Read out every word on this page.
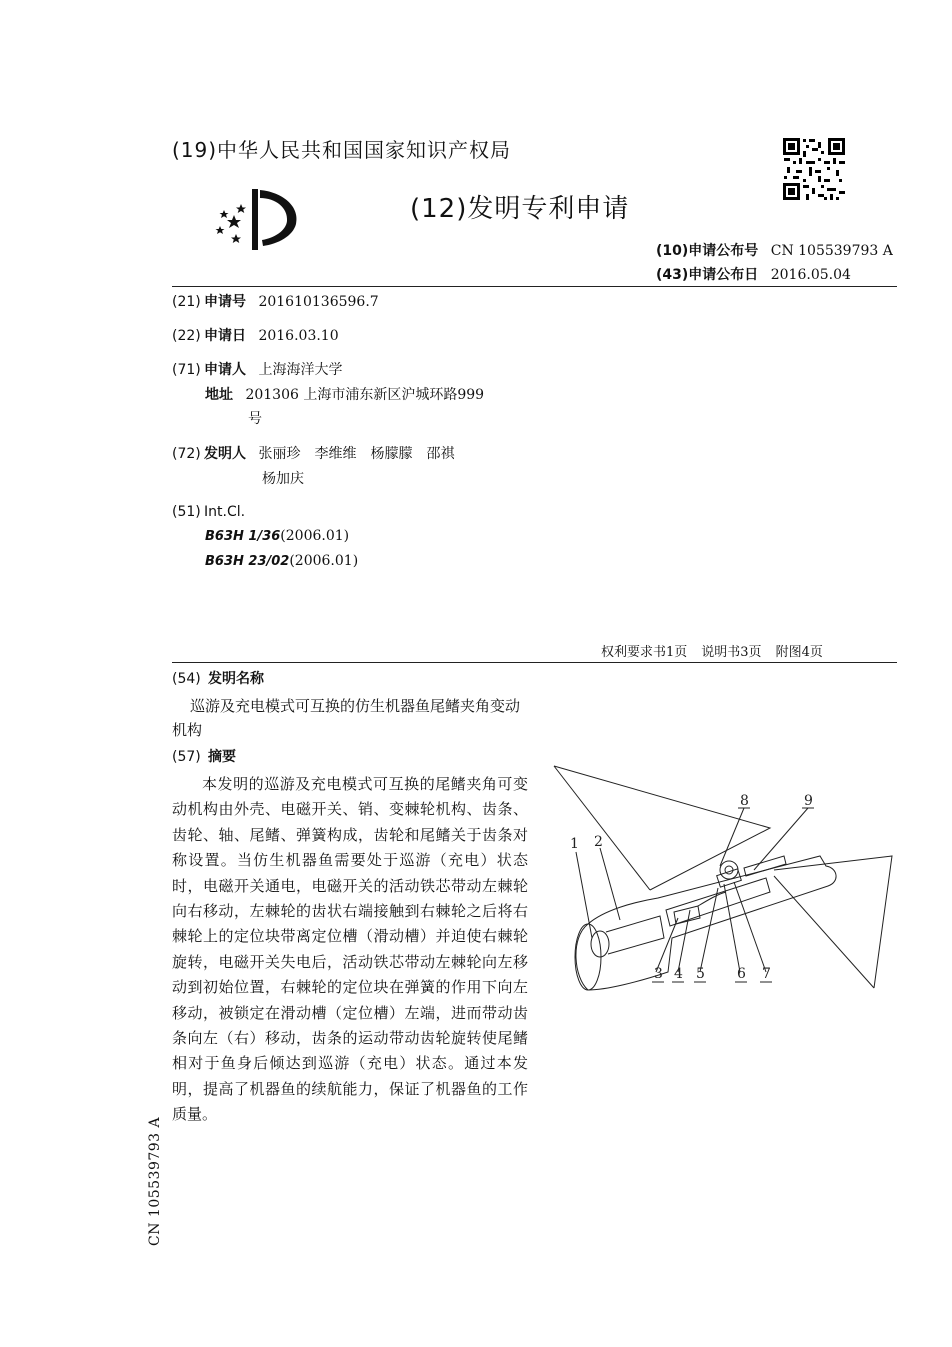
(19)中华人民共和国国家知识产权局
(12)发明专利申请
(10)申请公布号 CN 105539793 A
(43)申请公布日 2016.05.04
(21) 申请号 201610136596.7
(22) 申请日 2016.03.10
(71) 申请人 上海海洋大学
地址 201306 上海市浦东新区沪城环路999
号
(72) 发明人 张丽珍　李维维　杨朦朦　邵祺
杨加庆
(51) Int.Cl.
B63H 1/36(2006.01)
B63H 23/02(2006.01)
权利要求书1页 说明书3页 附图4页
(54) 发明名称
巡游及充电模式可互换的仿生机器鱼尾鳍夹角变动机构
(57) 摘要
本发明的巡游及充电模式可互换的尾鳍夹角可变动机构由外壳、电磁开关、销、变棘轮机构、齿条、齿轮、轴、尾鳍、弹簧构成，齿轮和尾鳍关于齿条对称设置。当仿生机器鱼需要处于巡游（充电）状态时，电磁开关通电，电磁开关的活动铁芯带动左棘轮向右移动，左棘轮的齿状右端接触到右棘轮之后将右棘轮上的定位块带离定位槽（滑动槽）并迫使右棘轮旋转，电磁开关失电后，活动铁芯带动左棘轮向左移动到初始位置，右棘轮的定位块在弹簧的作用下向左移动，被锁定在滑动槽（定位槽）左端，进而带动齿条向左（右）移动，齿条的运动带动齿轮旋转使尾鳍相对于鱼身后倾达到巡游（充电）状态。通过本发明，提高了机器鱼的续航能力，保证了机器鱼的工作质量。
1 2
3 4 5 6 7
8	9
CN 105539793 A
